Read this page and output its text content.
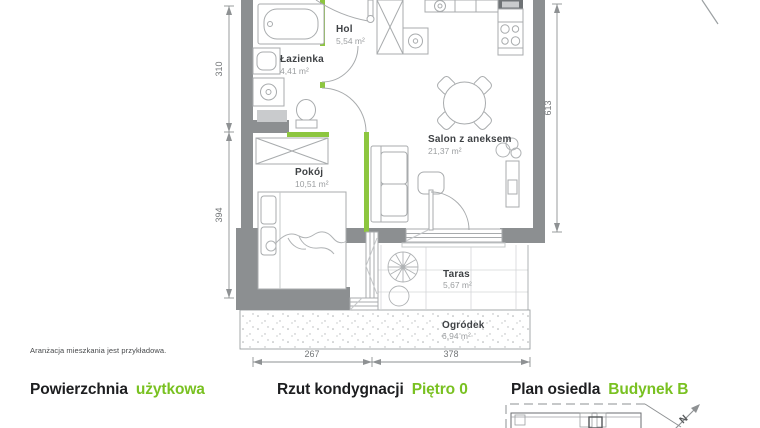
Hol
5,54 m²
Łazienka
4,41 m²
Pokój
10,51 m²
Salon z aneksem
21,37 m²
Taras
5,67 m²
Ogródek
6,94 m²
310
394
613
267	378
N
Aranżacja mieszkania jest przykładowa.
Powierzchnia użytkowa	Rzut kondygnacji Piętro 0	Plan osiedla Budynek B
